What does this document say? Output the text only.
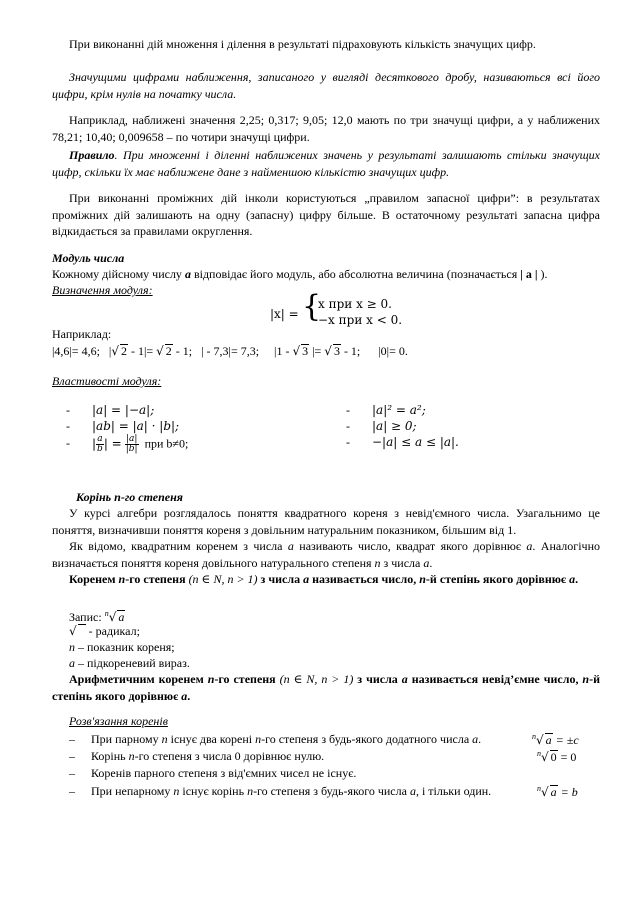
При виконанні дій множення і ділення в результаті підраховують кількість значущих цифр.

Значущими цифрами наближення, записаного у вигляді десяткового дробу, називаються всі його цифри, крім нулів на початку числа.

Наприклад, наближені значення 2,25; 0,317; 9,05; 12,0 мають по три значущі цифри, а у наближених 78,21; 10,40; 0,009658 – по чотири значущі цифри.

Правило. При множенні і діленні наближених значень у результаті залишають стільки значущих цифр, скільки їх має наближене дане з найменшою кількістю значущих цифр.

При виконанні проміжних дій інколи користуються „правилом запасної цифри”: в результатах проміжних дій залишають на одну (запасну) цифру більше. В остаточному результаті запасна цифра відкидається за правилами округлення.

Модуль числа
Кожному дійсному числу a відповідає його модуль, або абсолютна величина (позначається | a | ).
Визначення модуля:
|x| = {
x при x ≥ 0.
−x при x < 0.
Наприклад:
|4,6|= 4,6; |√ 2 - 1|= √ 2 - 1; | - 7,3|= 7,3; |1 - √ 3 |= √ 3 - 1; |0|= 0.
Властивості модуля:
- |a| = |−a|;
- |ab| = |a| · |b|;
- | $\frac{a}{b}$ | = $\frac{|a|}{|b|}$ при b≠0;
- |a|² = a²;
- |a| ≥ 0;
- −|a| ≤ a ≤ |a|.
Корінь n-го степеня

У курсі алгебри розглядалось поняття квадратного кореня з невід'ємного числа. Узагальнимо це поняття, визначивши поняття кореня з довільним натуральним показником, більшим від 1.

Як відомо, квадратним коренем з числа a називають число, квадрат якого дорівнює a. Аналогічно визначається поняття кореня довільного натурального степеня n з числа a.

Коренем n-го степеня (n ∈ N, n > 1) з числа a називається число, n-й степінь якого дорівнює a.

Запис: $^n$√ a
√   - радикал;
n – показник кореня;
a – підкореневий вираз.

Арифметичним коренем n-го степеня (n ∈ N, n > 1) з числа a називається невід’ємне число, n-й степінь якого дорівнює a.

Розв'язання коренів
– При парному n існує два корені n-го степеня з будь-якого додатного числа a.	$^n$√ a = ±c
– Корінь n-го степеня з числа 0 дорівнює нулю.	$^n$√ 0 = 0
– Коренів парного степеня з від'ємних чисел не існує.
– При непарному n існує корінь n-го степеня з будь-якого числа a, і тільки один.	$^n$√ a = b
